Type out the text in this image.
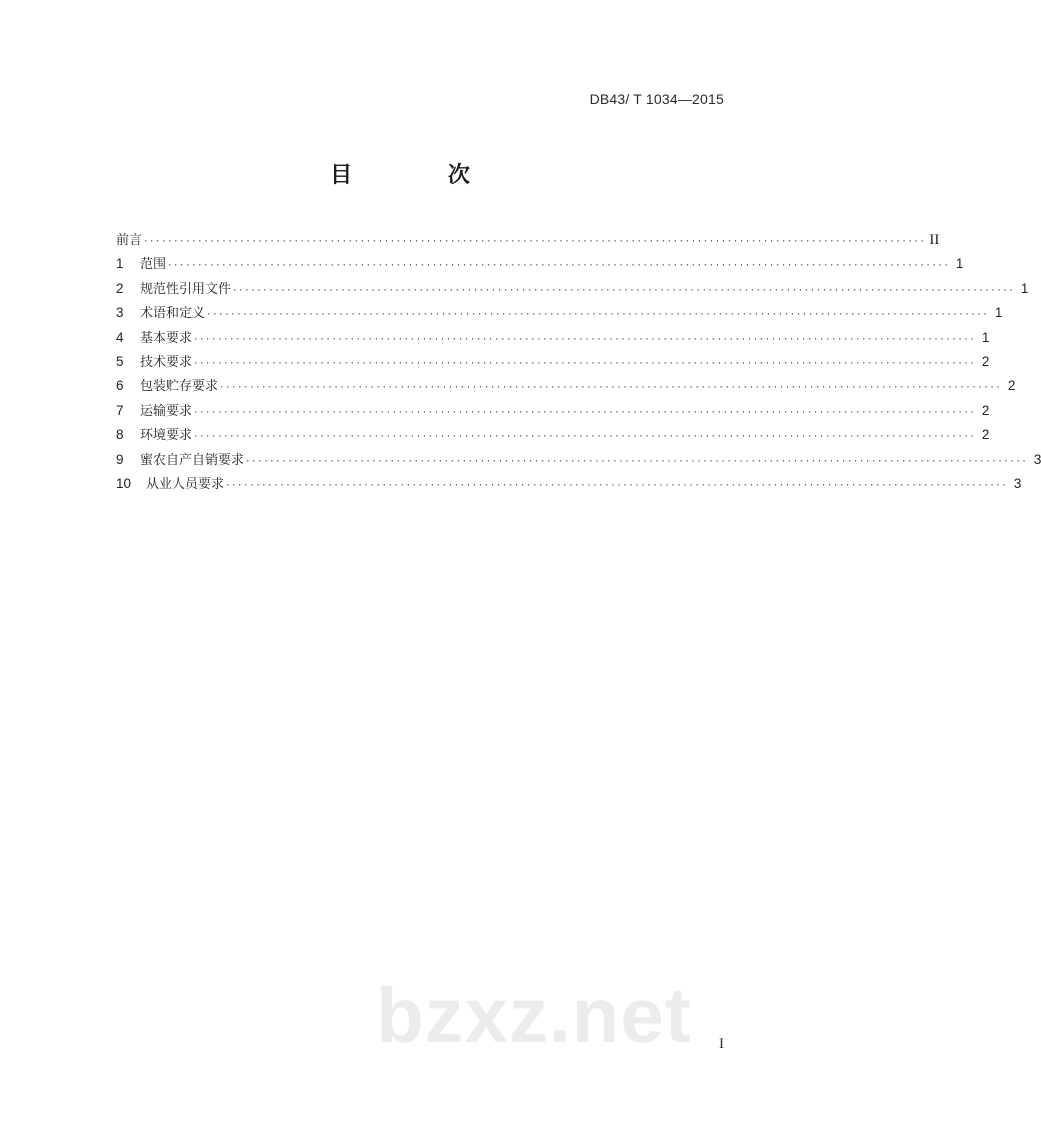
DB43/ T 1034—2015
目 次
前言 ·································································································································· II
1	范围 ·································································································································· 1
2	规范性引用文件 ·································································································································· 1
3	术语和定义 ·································································································································· 1
4	基本要求 ·································································································································· 1
5	技术要求 ·································································································································· 2
6	包装贮存要求 ·································································································································· 2
7	运输要求 ·································································································································· 2
8	环境要求 ·································································································································· 2
9	蜜农自产自销要求 ·································································································································· 3
10	从业人员要求 ·································································································································· 3
bzxz.net I
